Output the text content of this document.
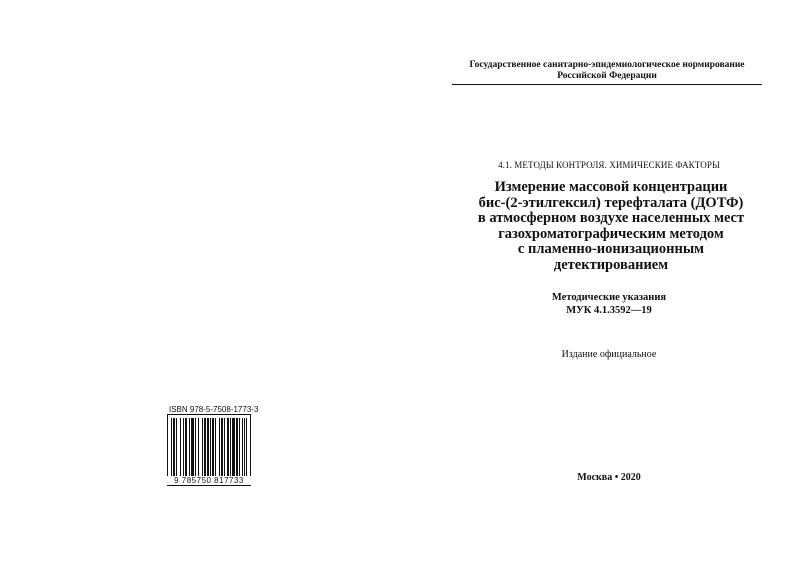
Государственное санитарно-эпидемиологическое нормирование
Российской Федерации
4.1. МЕТОДЫ КОНТРОЛЯ. ХИМИЧЕСКИЕ ФАКТОРЫ
Измерение массовой концентрации
бис-(2-этилгексил) терефталата (ДОТФ)
в атмосферном воздухе населенных мест
газохроматографическим методом
с пламенно-ионизационным
детектированием
Методические указания
МУК 4.1.3592—19
Издание официальное
Москва • 2020
ISBN 978-5-7508-1773-3
9 785750 817733
